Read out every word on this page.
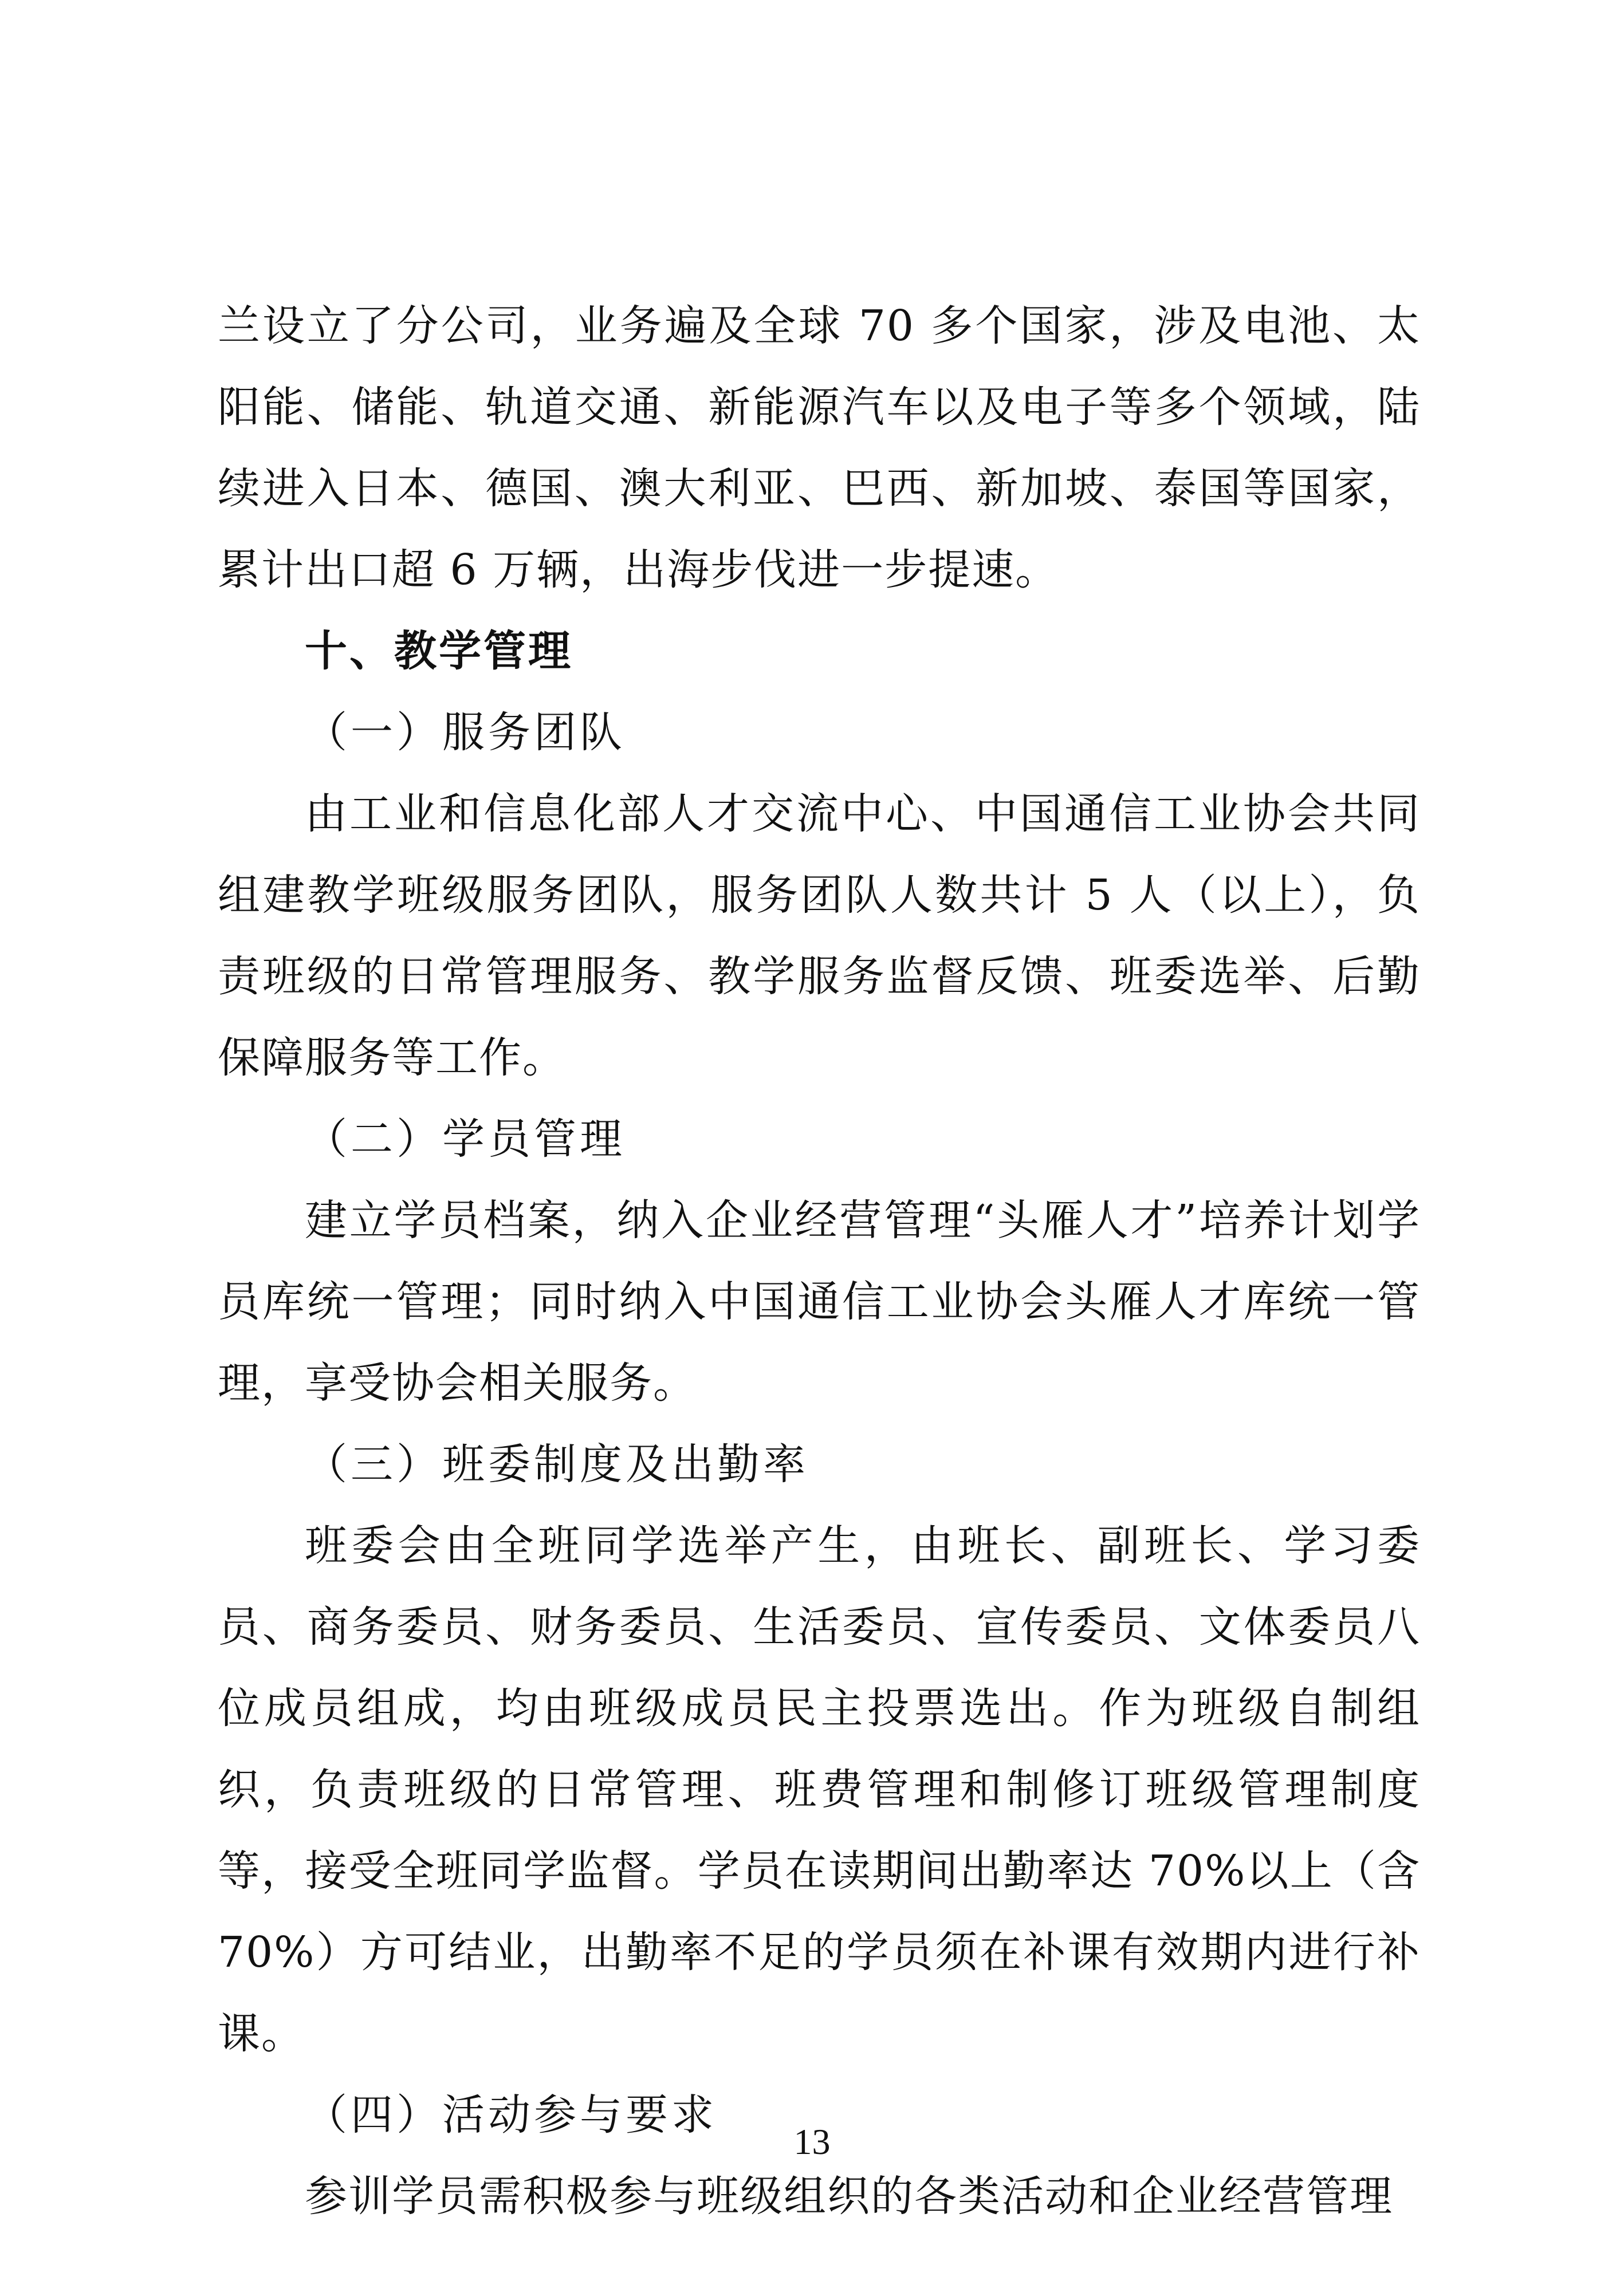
兰设立了分公司，业务遍及全球 70 多个国家，涉及电池、太阳能、储能、轨道交通、新能源汽车以及电子等多个领域，陆续进入日本、德国、澳大利亚、巴西、新加坡、泰国等国家，累计出口超 6 万辆，出海步伐进一步提速。

十、教学管理

（一）服务团队

由工业和信息化部人才交流中心、中国通信工业协会共同组建教学班级服务团队，服务团队人数共计 5 人（以上），负责班级的日常管理服务、教学服务监督反馈、班委选举、后勤保障服务等工作。

（二）学员管理

建立学员档案，纳入企业经营管理“头雁人才”培养计划学员库统一管理；同时纳入中国通信工业协会头雁人才库统一管理，享受协会相关服务。

（三）班委制度及出勤率

班委会由全班同学选举产生，由班长、副班长、学习委员、商务委员、财务委员、生活委员、宣传委员、文体委员八位成员组成，均由班级成员民主投票选出。作为班级自制组织，负责班级的日常管理、班费管理和制修订班级管理制度等，接受全班同学监督。学员在读期间出勤率达 70%以上（含 70%）方可结业，出勤率不足的学员须在补课有效期内进行补课。

（四）活动参与要求

参训学员需积极参与班级组织的各类活动和企业经营管理

13
